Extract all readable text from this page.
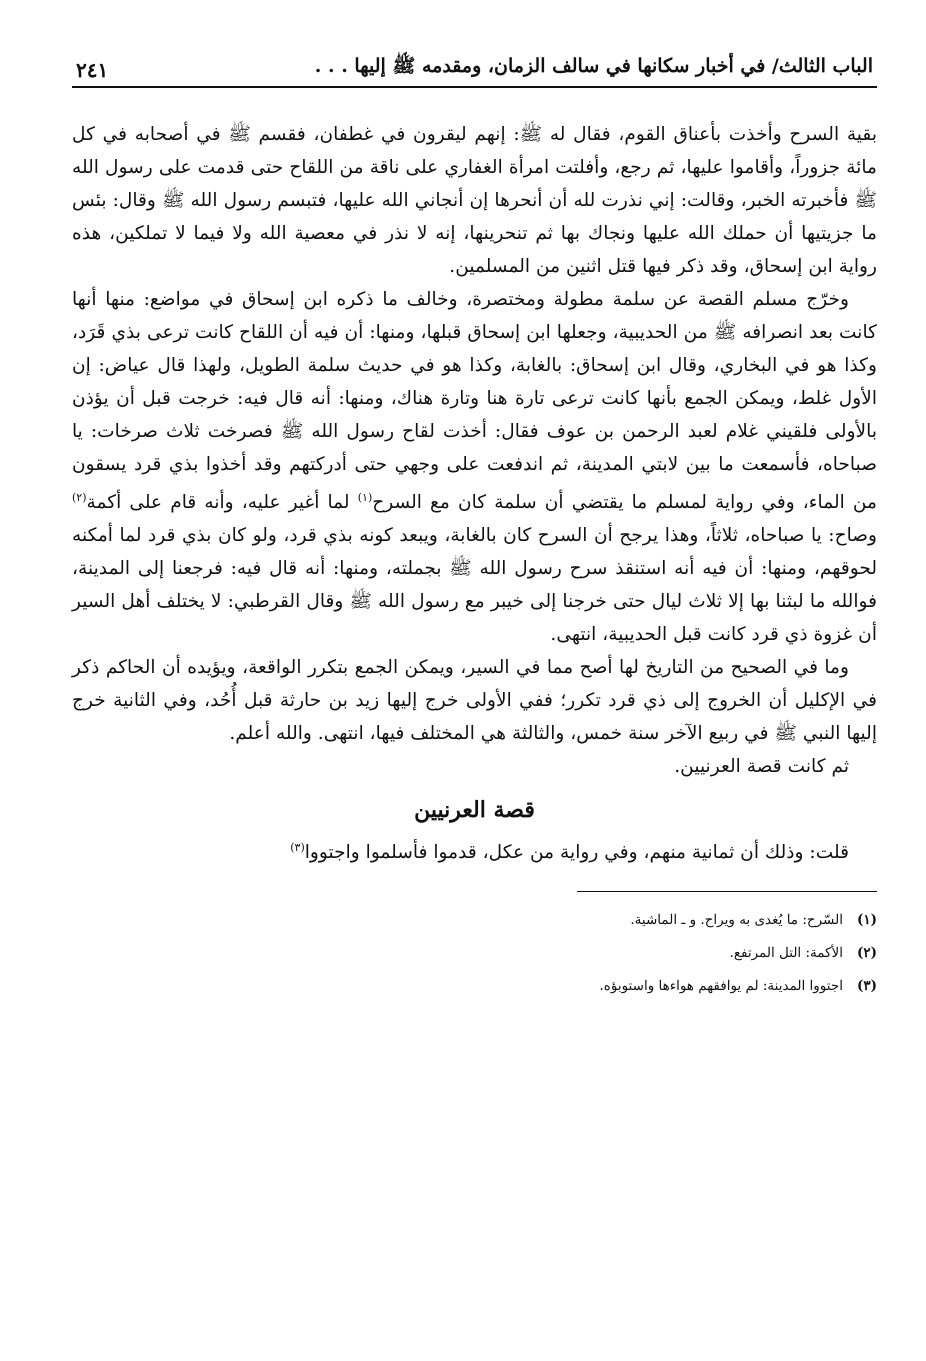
الباب الثالث/ في أخبار سكانها في سالف الزمان، ومقدمه ﷺ إليها . . .
٢٤١

بقية السرح وأخذت بأعناق القوم، فقال له ﷺ: إنهم ليقرون في غطفان، فقسم ﷺ في أصحابه في كل مائة جزوراً، وأقاموا عليها، ثم رجع، وأفلتت امرأة الغفاري على ناقة من اللقاح حتى قدمت على رسول الله ﷺ فأخبرته الخبر، وقالت: إني نذرت لله أن أنحرها إن أنجاني الله عليها، فتبسم رسول الله ﷺ وقال: بئس ما جزيتيها أن حملك الله عليها ونجاك بها ثم تنحرينها، إنه لا نذر في معصية الله ولا فيما لا تملكين، هذه رواية ابن إسحاق، وقد ذكر فيها قتل اثنين من المسلمين.

وخرّج مسلم القصة عن سلمة مطولة ومختصرة، وخالف ما ذكره ابن إسحاق في مواضع: منها أنها كانت بعد انصرافه ﷺ من الحديبية، وجعلها ابن إسحاق قبلها، ومنها: أن فيه أن اللقاح كانت ترعى بذي قَرَد، وكذا هو في البخاري، وقال ابن إسحاق: بالغابة، وكذا هو في حديث سلمة الطويل، ولهذا قال عياض: إن الأول غلط، ويمكن الجمع بأنها كانت ترعى تارة هنا وتارة هناك، ومنها: أنه قال فيه: خرجت قبل أن يؤذن بالأولى فلقيني غلام لعبد الرحمن بن عوف فقال: أخذت لقاح رسول الله ﷺ فصرخت ثلاث صرخات: يا صباحاه، فأسمعت ما بين لابتي المدينة، ثم اندفعت على وجهي حتى أدركتهم وقد أخذوا بذي قرد يسقون من الماء، وفي رواية لمسلم ما يقتضي أن سلمة كان مع السرح$^{(١)}$ لما أغير عليه، وأنه قام على أكمة$^{(٢)}$ وصاح: يا صباحاه، ثلاثاً، وهذا يرجح أن السرح كان بالغابة، ويبعد كونه بذي قرد، ولو كان بذي قرد لما أمكنه لحوقهم، ومنها: أن فيه أنه استنقذ سرح رسول الله ﷺ بجملته، ومنها: أنه قال فيه: فرجعنا إلى المدينة، فوالله ما لبثنا بها إلا ثلاث ليال حتى خرجنا إلى خيبر مع رسول الله ﷺ وقال القرطبي: لا يختلف أهل السير أن غزوة ذي قرد كانت قبل الحديبية، انتهى.

وما في الصحيح من التاريخ لها أصح مما في السير، ويمكن الجمع بتكرر الواقعة، ويؤيده أن الحاكم ذكر في الإكليل أن الخروج إلى ذي قرد تكرر؛ ففي الأولى خرج إليها زيد بن حارثة قبل أُحُد، وفي الثانية خرج إليها النبي ﷺ في ربيع الآخر سنة خمس، والثالثة هي المختلف فيها، انتهى. والله أعلم.

ثم كانت قصة العرنيين.

قصة العرنيين

قلت: وذلك أن ثمانية منهم، وفي رواية من عكل، قدموا فأسلموا واجتووا$^{(٣)}$

(١)السّرح: ما يُغدى به ويراح. و ـ الماشية.
(٢)الأكمة: التل المرتفع.
(٣)اجتووا المدينة: لم يوافقهم هواءها واستوبؤه.
